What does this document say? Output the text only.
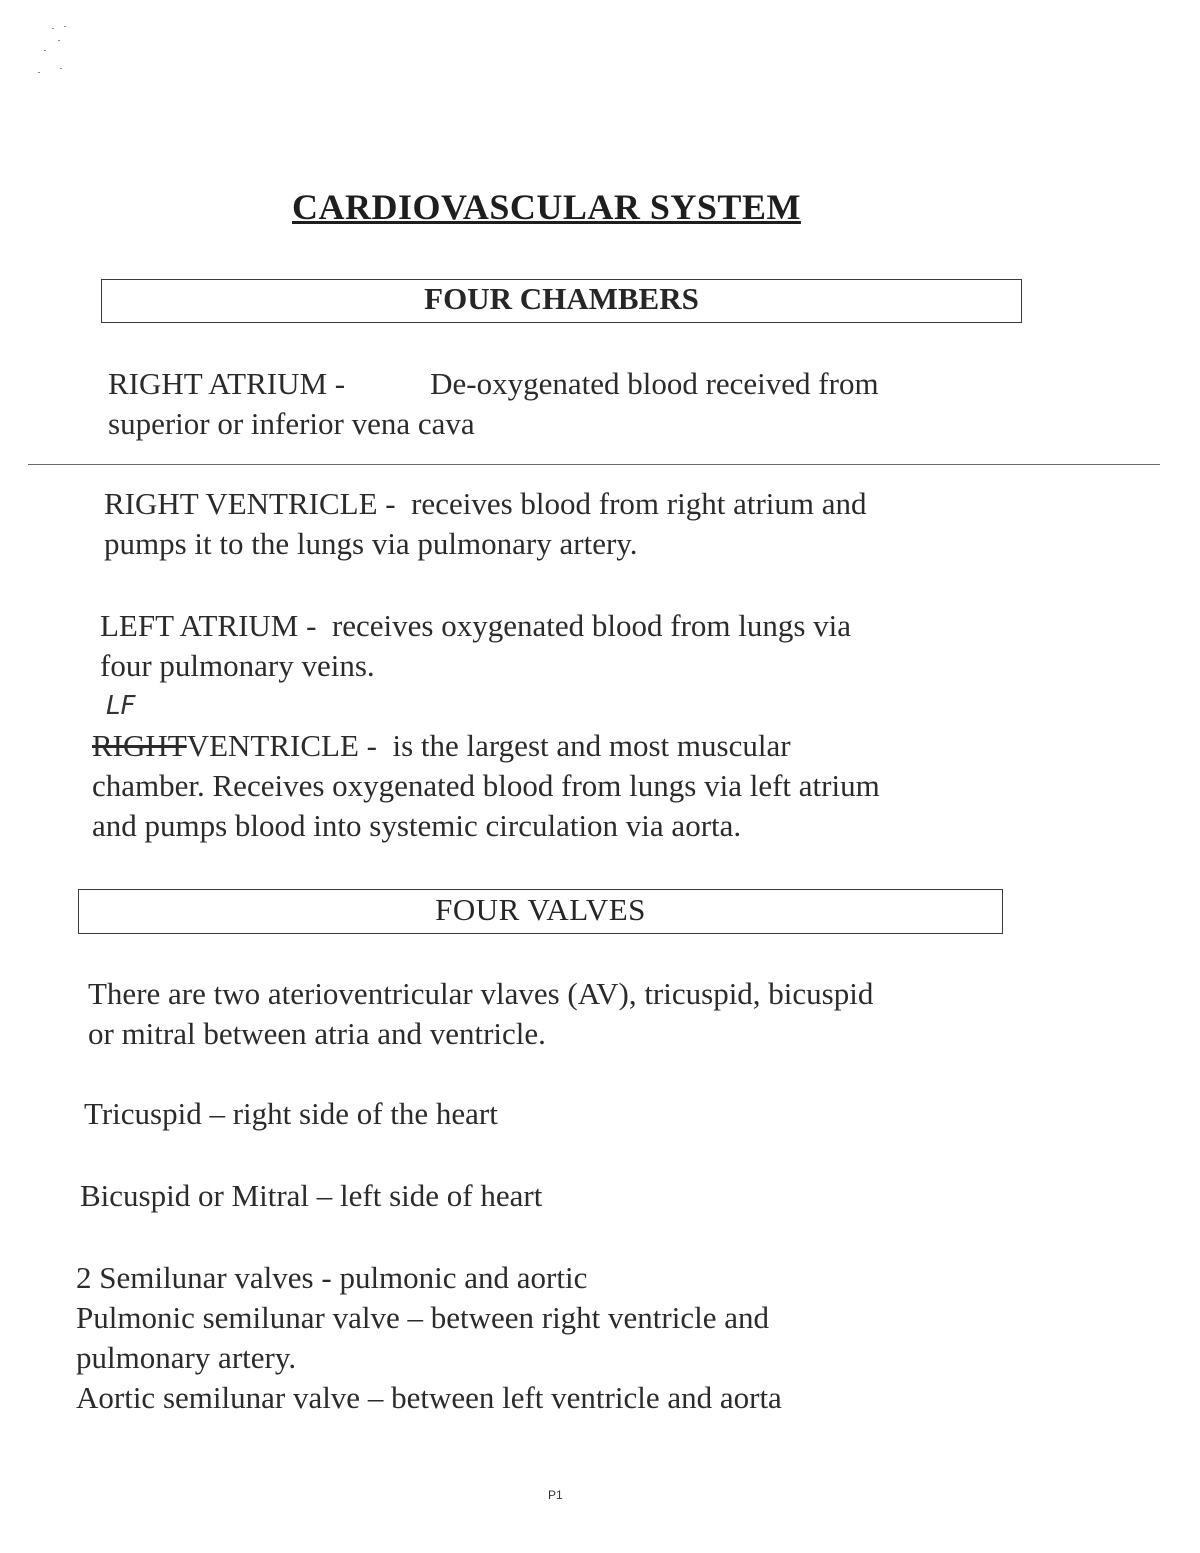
CARDIOVASCULAR SYSTEM
FOUR CHAMBERS
RIGHT ATRIUM -	De-oxygenated blood received from
superior or inferior vena cava
RIGHT VENTRICLE - receives blood from right atrium and
pumps it to the lungs via pulmonary artery.
LEFT ATRIUM - receives oxygenated blood from lungs via
four pulmonary veins.
LF
RIGHTVENTRICLE - is the largest and most muscular
chamber. Receives oxygenated blood from lungs via left atrium
and pumps blood into systemic circulation via aorta.
FOUR VALVES
There are two aterioventricular vlaves (AV), tricuspid, bicuspid
or mitral between atria and ventricle.
Tricuspid – right side of the heart
Bicuspid or Mitral – left side of heart
2 Semilunar valves - pulmonic and aortic
Pulmonic semilunar valve – between right ventricle and
pulmonary artery.
Aortic semilunar valve – between left ventricle and aorta
P1
